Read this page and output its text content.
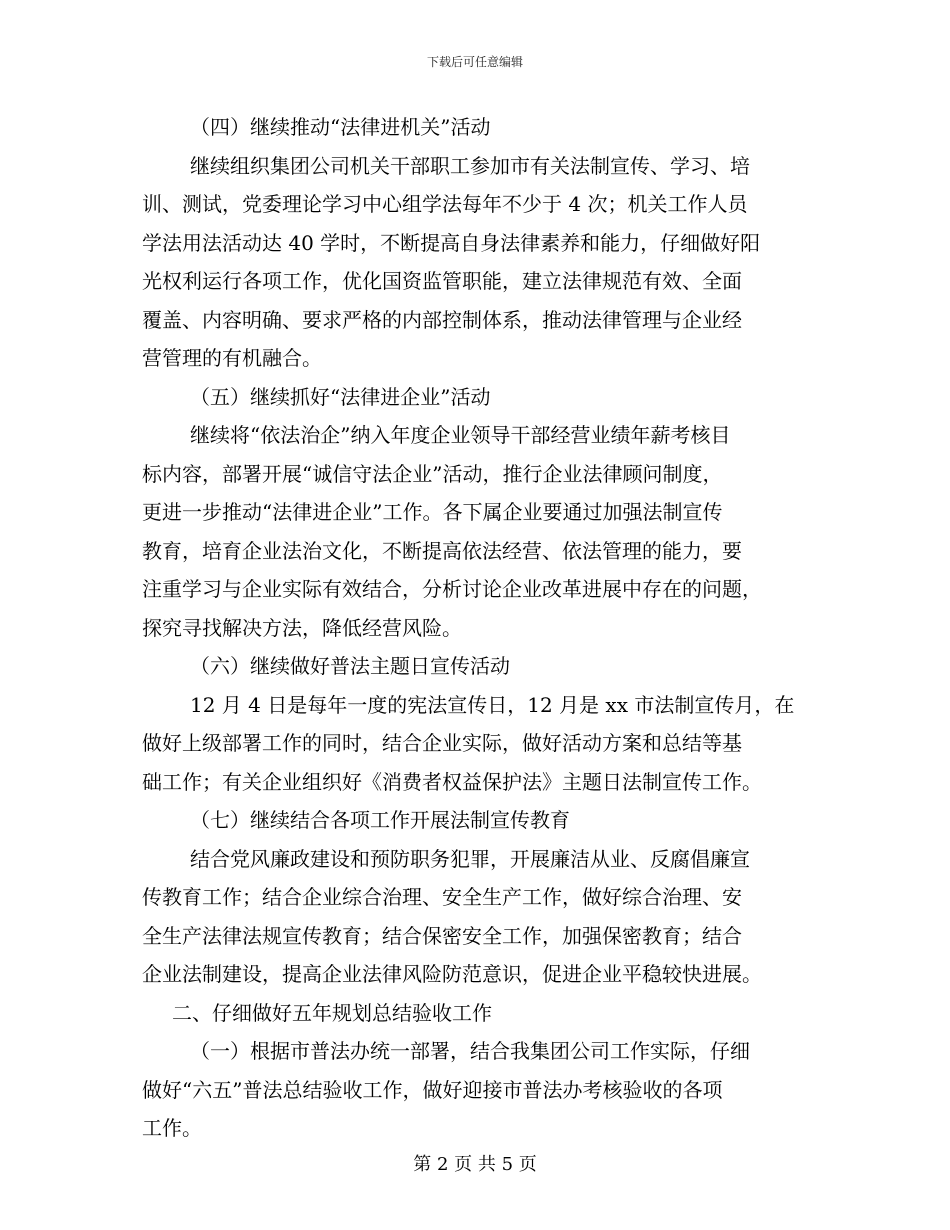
下载后可任意编辑
（四）继续推动“法律进机关”活动
继续组织集团公司机关干部职工参加市有关法制宣传、学习、培
训、测试，党委理论学习中心组学法每年不少于 4 次；机关工作人员
学法用法活动达 40 学时，不断提高自身法律素养和能力，仔细做好阳
光权利运行各项工作，优化国资监管职能，建立法律规范有效、全面
覆盖、内容明确、要求严格的内部控制体系，推动法律管理与企业经
营管理的有机融合。
（五）继续抓好“法律进企业”活动
继续将“依法治企”纳入年度企业领导干部经营业绩年薪考核目
标内容，部署开展“诚信守法企业”活动，推行企业法律顾问制度，
更进一步推动“法律进企业”工作。各下属企业要通过加强法制宣传
教育，培育企业法治文化，不断提高依法经营、依法管理的能力，要
注重学习与企业实际有效结合，分析讨论企业改革进展中存在的问题，
探究寻找解决方法，降低经营风险。
（六）继续做好普法主题日宣传活动
12 月 4 日是每年一度的宪法宣传日，12 月是 xx 市法制宣传月，在
做好上级部署工作的同时，结合企业实际，做好活动方案和总结等基
础工作；有关企业组织好《消费者权益保护法》主题日法制宣传工作。
（七）继续结合各项工作开展法制宣传教育
结合党风廉政建设和预防职务犯罪，开展廉洁从业、反腐倡廉宣
传教育工作；结合企业综合治理、安全生产工作，做好综合治理、安
全生产法律法规宣传教育；结合保密安全工作，加强保密教育；结合
企业法制建设，提高企业法律风险防范意识，促进企业平稳较快进展。
二、仔细做好五年规划总结验收工作
（一）根据市普法办统一部署，结合我集团公司工作实际，仔细
做好“六五”普法总结验收工作，做好迎接市普法办考核验收的各项
工作。
第 2 页 共 5 页
